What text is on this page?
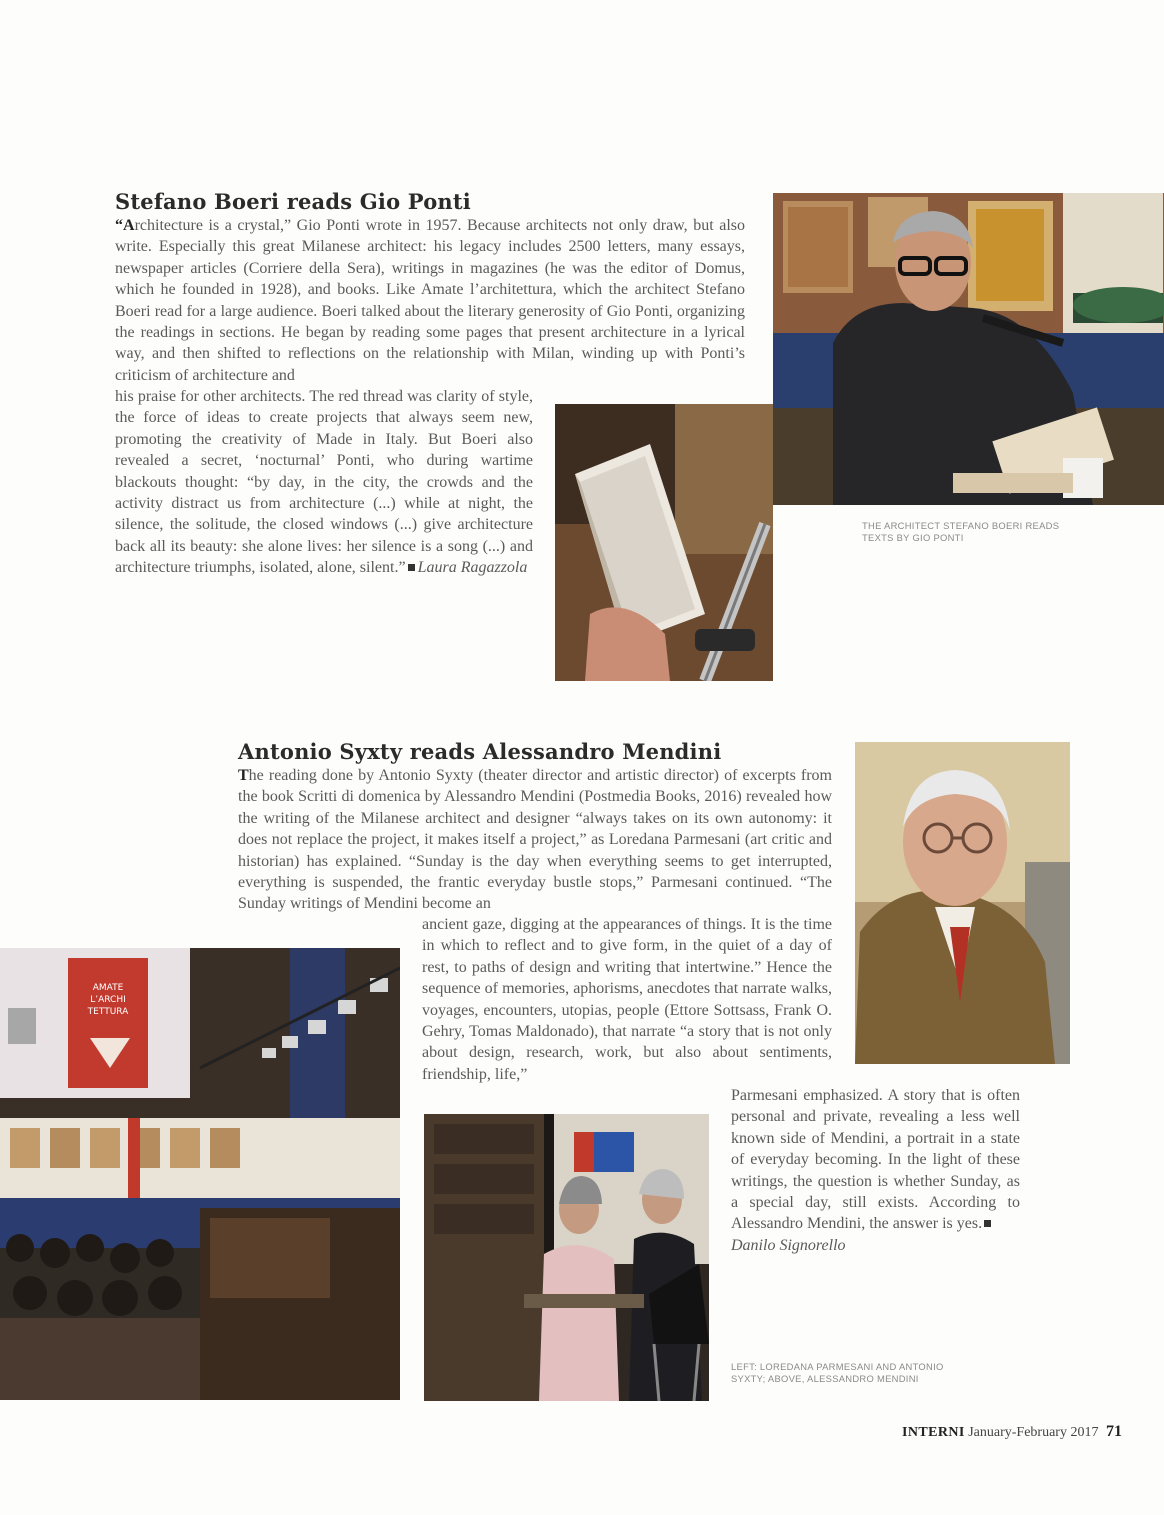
Stefano Boeri reads Gio Ponti

“Architecture is a crystal,” Gio Ponti wrote in 1957. Because architects not only draw, but also write. Especially this great Milanese architect: his legacy includes 2500 letters, many essays, newspaper articles (Corriere della Sera), writings in magazines (he was the editor of Domus, which he founded in 1928), and books. Like Amate l’architettura, which the architect Stefano Boeri read for a large audience. Boeri talked about the literary generosity of Gio Ponti, organizing the readings in sections. He began by reading some pages that present architecture in a lyrical way, and then shifted to reflections on the relationship with Milan, winding up with Ponti’s criticism of architecture and

his praise for other architects. The red thread was clarity of style, the force of ideas to create projects that always seem new, promoting the creativity of Made in Italy. But Boeri also revealed a secret, ‘nocturnal’ Ponti, who during wartime blackouts thought: “by day, in the city, the crowds and the activity distract us from architecture (...) while at night, the silence, the solitude, the closed windows (...) give architecture back all its beauty: she alone lives: her silence is a song (...) and architecture triumphs, isolated, alone, silent.” Laura Ragazzola

THE ARCHITECT STEFANO BOERI READS TEXTS BY GIO PONTI

Antonio Syxty reads Alessandro Mendini

The reading done by Antonio Syxty (theater director and artistic director) of excerpts from the book Scritti di domenica by Alessandro Mendini (Postmedia Books, 2016) revealed how the writing of the Milanese architect and designer “always takes on its own autonomy: it does not replace the project, it makes itself a project,” as Loredana Parmesani (art critic and historian) has explained. “Sunday is the day when everything seems to get interrupted, everything is suspended, the frantic everyday bustle stops,” Parmesani continued. “The Sunday writings of Mendini become an

ancient gaze, digging at the appearances of things. It is the time in which to reflect and to give form, in the quiet of a day of rest, to paths of design and writing that intertwine.” Hence the sequence of memories, aphorisms, anecdotes that narrate walks, voyages, encounters, utopias, people (Ettore Sottsass, Frank O. Gehry, Tomas Maldonado), that narrate “a story that is not only about design, research, work, but also about sentiments, friendship, life,”

Parmesani emphasized. A story that is often personal and private, revealing a less well known side of Mendini, a portrait in a state of everyday becoming. In the light of these writings, the question is whether Sunday, as a special day, still exists. According to Alessandro Mendini, the answer is yes.
Danilo Signorello

AMATE L’ARCHI TETTURA

LEFT: LOREDANA PARMESANI AND ANTONIO SYXTY; ABOVE, ALESSANDRO MENDINI

INTERNI January-February 2017 71
